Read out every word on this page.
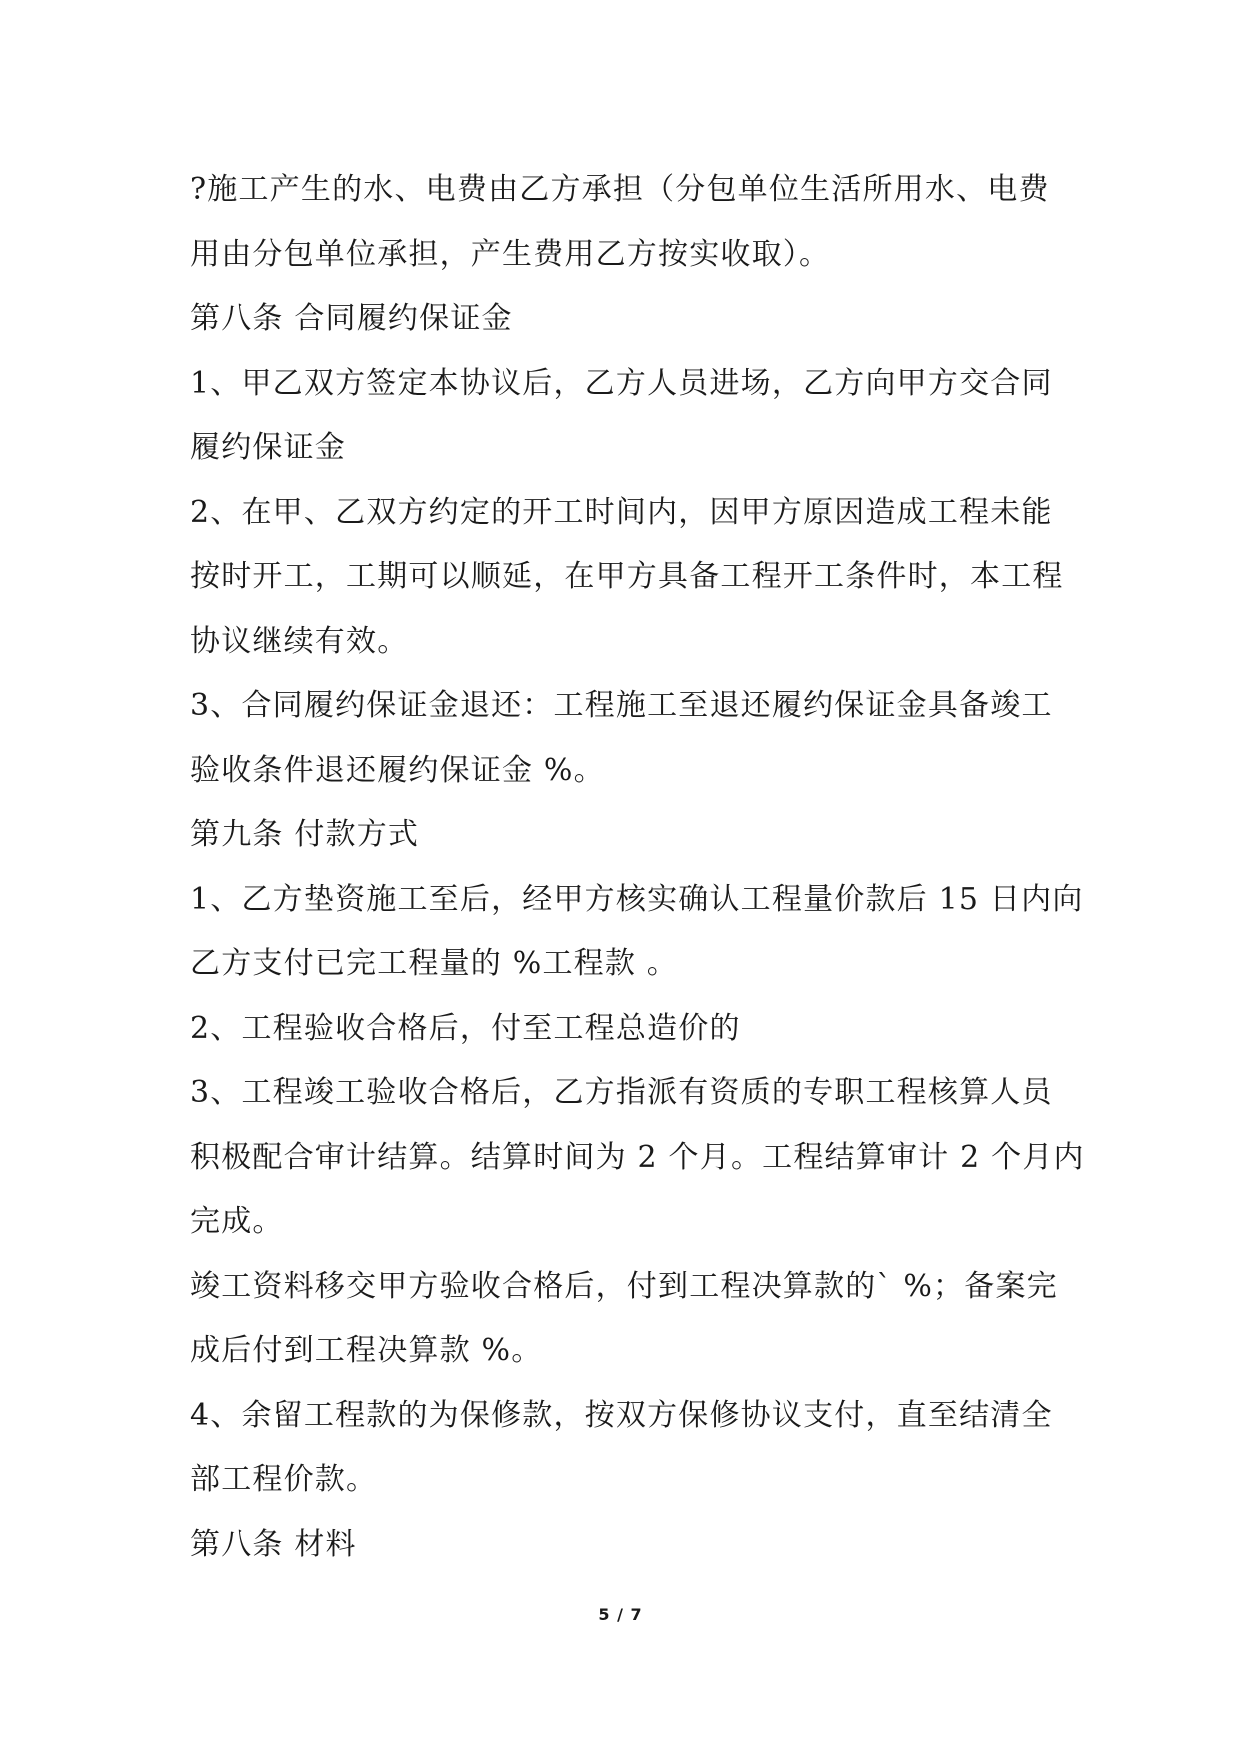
?施工产生的水、电费由乙方承担（分包单位生活所用水、电费
用由分包单位承担，产生费用乙方按实收取）。
第八条 合同履约保证金
1、甲乙双方签定本协议后，乙方人员进场，乙方向甲方交合同
履约保证金
2、在甲、乙双方约定的开工时间内，因甲方原因造成工程未能
按时开工，工期可以顺延，在甲方具备工程开工条件时，本工程
协议继续有效。
3、合同履约保证金退还：工程施工至退还履约保证金具备竣工
验收条件退还履约保证金 %。
第九条 付款方式
1、乙方垫资施工至后，经甲方核实确认工程量价款后 15 日内向
乙方支付已完工程量的 %工程款 。
2、工程验收合格后，付至工程总造价的
3、工程竣工验收合格后，乙方指派有资质的专职工程核算人员
积极配合审计结算。结算时间为 2 个月。工程结算审计 2 个月内
完成。
竣工资料移交甲方验收合格后，付到工程决算款的` %；备案完
成后付到工程决算款 %。
4、余留工程款的为保修款，按双方保修协议支付，直至结清全
部工程价款。
第八条 材料
5 / 7
